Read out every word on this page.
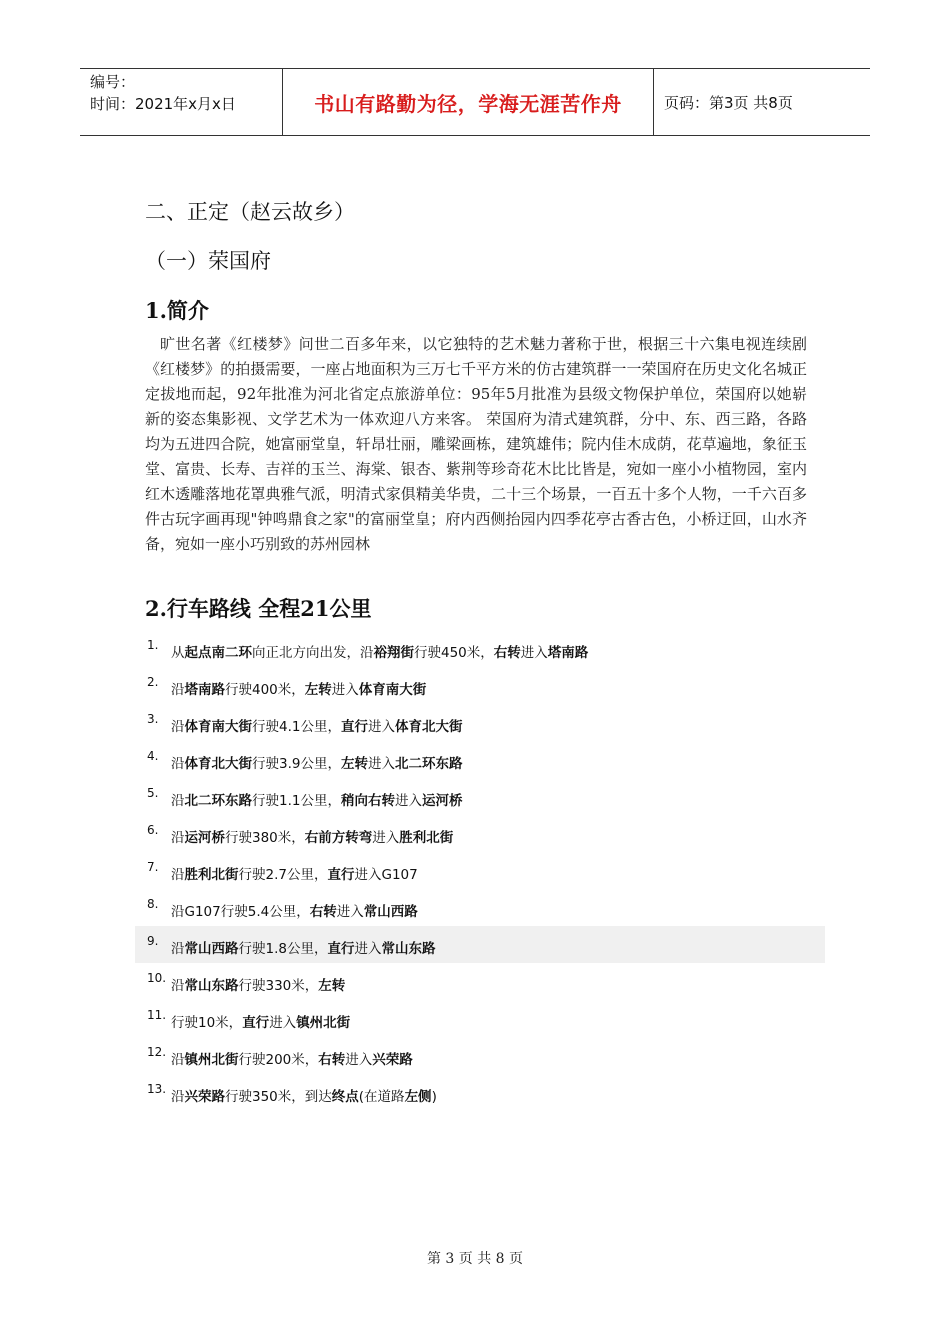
编号：
时间：2021年x月x日	书山有路勤为径，学海无涯苦作舟	页码：第3页 共8页
二、正定（赵云故乡）
（一）荣国府
1.简介
旷世名著《红楼梦》问世二百多年来，以它独特的艺术魅力著称于世，根据三十六集电视连续剧《红楼梦》的拍摄需要，一座占地面积为三万七千平方米的仿古建筑群一一荣国府在历史文化名城正定拔地而起，92年批准为河北省定点旅游单位：95年5月批准为县级文物保护单位，荣国府以她崭新的姿态集影视、文学艺术为一体欢迎八方来客。 荣国府为清式建筑群，分中、东、西三路，各路均为五进四合院，她富丽堂皇，轩昂壮丽，雕梁画栋，建筑雄伟；院内佳木成荫，花草遍地，象征玉堂、富贵、长寿、吉祥的玉兰、海棠、银杏、紫荆等珍奇花木比比皆是，宛如一座小小植物园，室内红木透雕落地花罩典雅气派，明清式家俱精美华贵，二十三个场景，一百五十多个人物，一千六百多件古玩字画再现"钟鸣鼎食之家"的富丽堂皇；府内西侧抬园内四季花亭古香古色，小桥迂回，山水齐备，宛如一座小巧别致的苏州园林
2.行车路线 全程21公里
1. 从起点南二环向正北方向出发，沿裕翔街行驶450米，右转进入塔南路
2. 沿塔南路行驶400米，左转进入体育南大街
3. 沿体育南大街行驶4.1公里，直行进入体育北大街
4. 沿体育北大街行驶3.9公里，左转进入北二环东路
5. 沿北二环东路行驶1.1公里，稍向右转进入运河桥
6. 沿运河桥行驶380米，右前方转弯进入胜利北街
7. 沿胜利北街行驶2.7公里，直行进入G107
8. 沿G107行驶5.4公里，右转进入常山西路
9. 沿常山西路行驶1.8公里，直行进入常山东路
10. 沿常山东路行驶330米，左转
11. 行驶10米，直行进入镇州北街
12. 沿镇州北街行驶200米，右转进入兴荣路
13. 沿兴荣路行驶350米，到达终点(在道路左侧)
第 3 页 共 8 页
